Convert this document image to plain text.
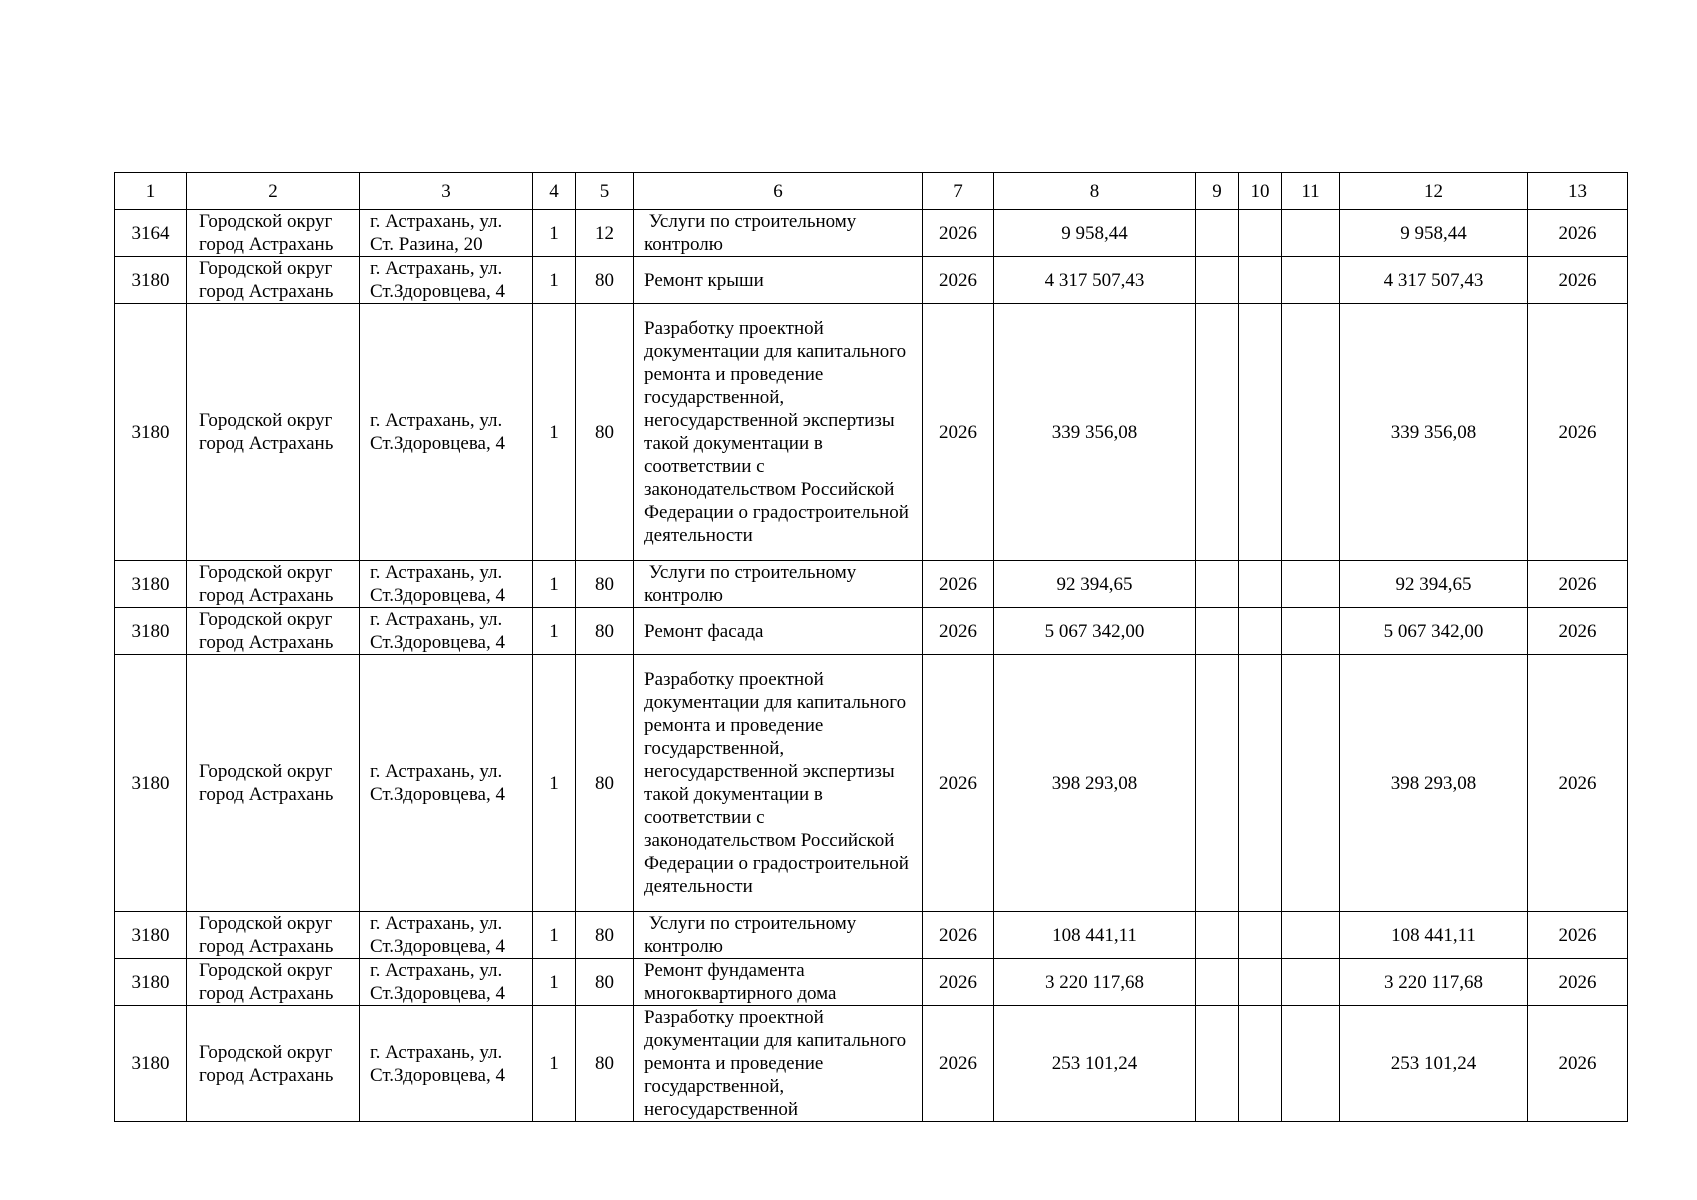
1	2	3	4	5	6	7	8	9	10	11	12	13
3164	Городской округ город Астрахань	г. Астрахань, ул. Ст. Разина, 20	1	12	Услуги по строительному контролю	2026	9 958,44				9 958,44	2026
3180	Городской округ город Астрахань	г. Астрахань, ул. Ст.Здоровцева, 4	1	80	Ремонт крыши	2026	4 317 507,43				4 317 507,43	2026
3180	Городской округ город Астрахань	г. Астрахань, ул. Ст.Здоровцева, 4	1	80	Разработку проектной документации для капитального ремонта и проведение государственной, негосударственной экспертизы такой документации в соответствии с законодательством Российской Федерации о градостроительной деятельности	2026	339 356,08				339 356,08	2026
3180	Городской округ город Астрахань	г. Астрахань, ул. Ст.Здоровцева, 4	1	80	Услуги по строительному контролю	2026	92 394,65				92 394,65	2026
3180	Городской округ город Астрахань	г. Астрахань, ул. Ст.Здоровцева, 4	1	80	Ремонт фасада	2026	5 067 342,00				5 067 342,00	2026
3180	Городской округ город Астрахань	г. Астрахань, ул. Ст.Здоровцева, 4	1	80	Разработку проектной документации для капитального ремонта и проведение государственной, негосударственной экспертизы такой документации в соответствии с законодательством Российской Федерации о градостроительной деятельности	2026	398 293,08				398 293,08	2026
3180	Городской округ город Астрахань	г. Астрахань, ул. Ст.Здоровцева, 4	1	80	Услуги по строительному контролю	2026	108 441,11				108 441,11	2026
3180	Городской округ город Астрахань	г. Астрахань, ул. Ст.Здоровцева, 4	1	80	Ремонт фундамента многоквартирного дома	2026	3 220 117,68				3 220 117,68	2026
3180	Городской округ город Астрахань	г. Астрахань, ул. Ст.Здоровцева, 4	1	80	Разработку проектной документации для капитального ремонта и проведение государственной, негосударственной	2026	253 101,24				253 101,24	2026
